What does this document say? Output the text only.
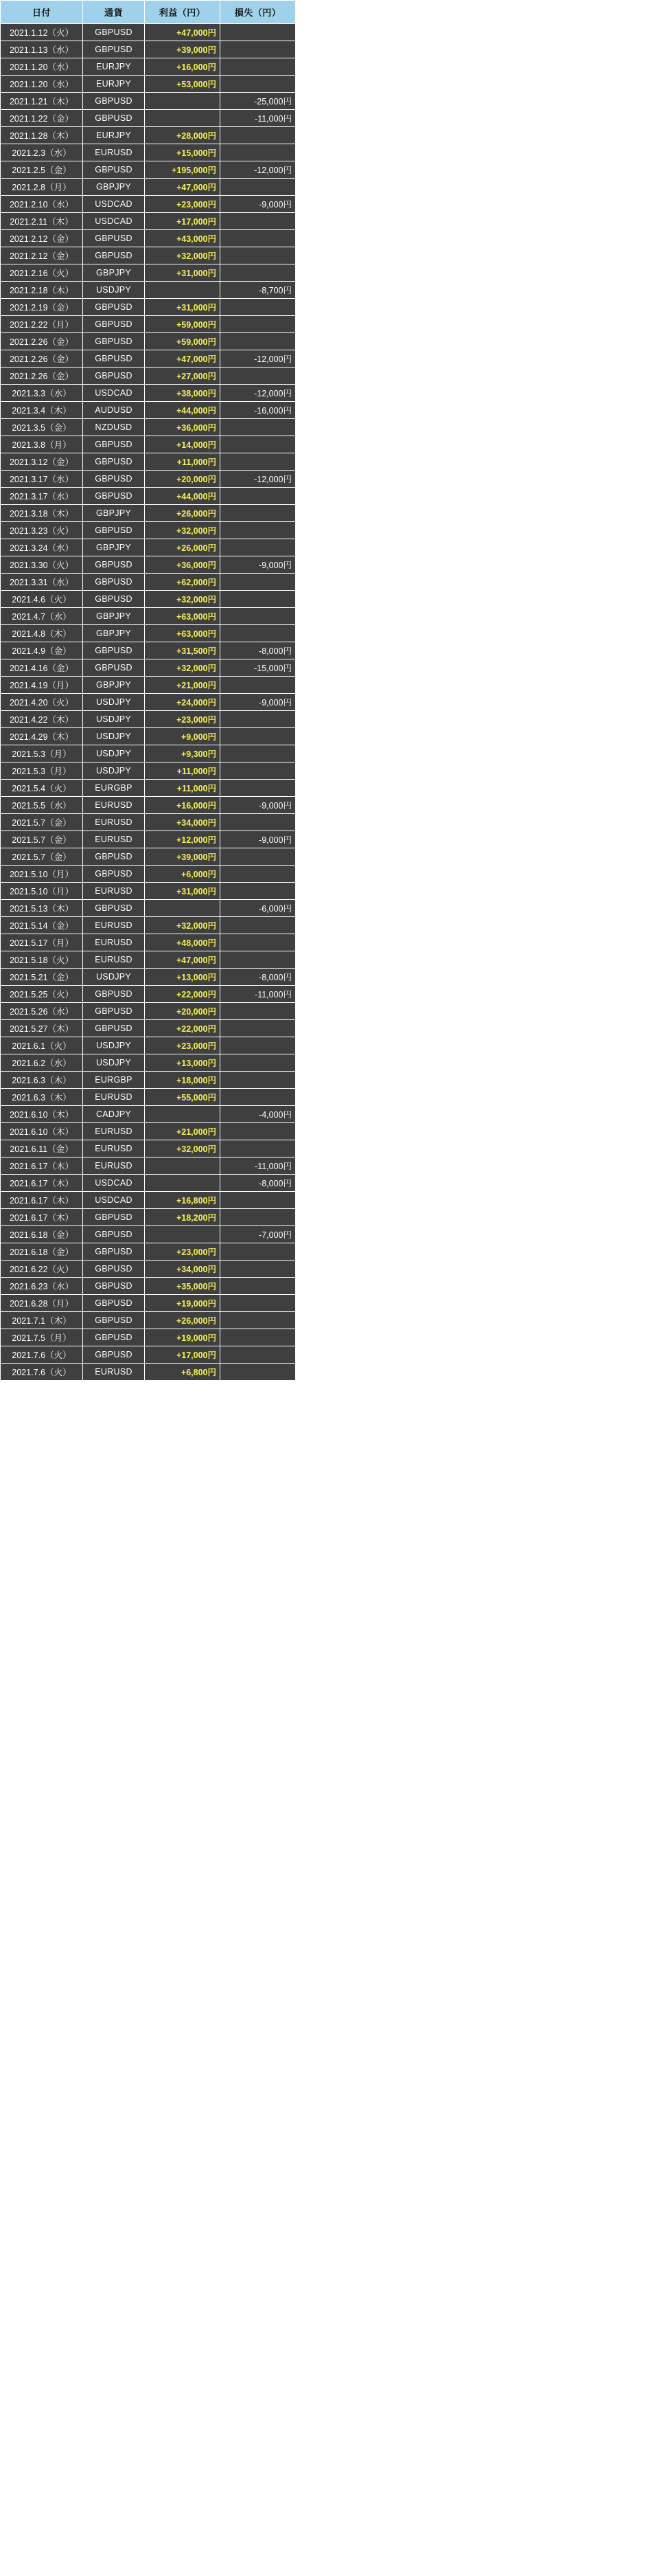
日付	通貨	利益（円）	損失（円）
2021.1.12（火）	GBPUSD	+47,000円	
2021.1.13（水）	GBPUSD	+39,000円	
2021.1.20（水）	EURJPY	+16,000円	
2021.1.20（水）	EURJPY	+53,000円	
2021.1.21（木）	GBPUSD		-25,000円
2021.1.22（金）	GBPUSD		-11,000円
2021.1.28（木）	EURJPY	+28,000円	
2021.2.3（水）	EURUSD	+15,000円	
2021.2.5（金）	GBPUSD	+195,000円	-12,000円
2021.2.8（月）	GBPJPY	+47,000円	
2021.2.10（水）	USDCAD	+23,000円	-9,000円
2021.2.11（木）	USDCAD	+17,000円	
2021.2.12（金）	GBPUSD	+43,000円	
2021.2.12（金）	GBPUSD	+32,000円	
2021.2.16（火）	GBPJPY	+31,000円	
2021.2.18（木）	USDJPY		-8,700円
2021.2.19（金）	GBPUSD	+31,000円	
2021.2.22（月）	GBPUSD	+59,000円	
2021.2.26（金）	GBPUSD	+59,000円	
2021.2.26（金）	GBPUSD	+47,000円	-12,000円
2021.2.26（金）	GBPUSD	+27,000円	
2021.3.3（水）	USDCAD	+38,000円	-12,000円
2021.3.4（木）	AUDUSD	+44,000円	-16,000円
2021.3.5（金）	NZDUSD	+36,000円	
2021.3.8（月）	GBPUSD	+14,000円	
2021.3.12（金）	GBPUSD	+11,000円	
2021.3.17（水）	GBPUSD	+20,000円	-12,000円
2021.3.17（水）	GBPUSD	+44,000円	
2021.3.18（木）	GBPJPY	+26,000円	
2021.3.23（火）	GBPUSD	+32,000円	
2021.3.24（水）	GBPJPY	+26,000円	
2021.3.30（火）	GBPUSD	+36,000円	-9,000円
2021.3.31（水）	GBPUSD	+62,000円	
2021.4.6（火）	GBPUSD	+32,000円	
2021.4.7（水）	GBPJPY	+63,000円	
2021.4.8（木）	GBPJPY	+63,000円	
2021.4.9（金）	GBPUSD	+31,500円	-8,000円
2021.4.16（金）	GBPUSD	+32,000円	-15,000円
2021.4.19（月）	GBPJPY	+21,000円	
2021.4.20（火）	USDJPY	+24,000円	-9,000円
2021.4.22（木）	USDJPY	+23,000円	
2021.4.29（木）	USDJPY	+9,000円	
2021.5.3（月）	USDJPY	+9,300円	
2021.5.3（月）	USDJPY	+11,000円	
2021.5.4（火）	EURGBP	+11,000円	
2021.5.5（水）	EURUSD	+16,000円	-9,000円
2021.5.7（金）	EURUSD	+34,000円	
2021.5.7（金）	EURUSD	+12,000円	-9,000円
2021.5.7（金）	GBPUSD	+39,000円	
2021.5.10（月）	GBPUSD	+6,000円	
2021.5.10（月）	EURUSD	+31,000円	
2021.5.13（木）	GBPUSD		-6,000円
2021.5.14（金）	EURUSD	+32,000円	
2021.5.17（月）	EURUSD	+48,000円	
2021.5.18（火）	EURUSD	+47,000円	
2021.5.21（金）	USDJPY	+13,000円	-8,000円
2021.5.25（火）	GBPUSD	+22,000円	-11,000円
2021.5.26（水）	GBPUSD	+20,000円	
2021.5.27（木）	GBPUSD	+22,000円	
2021.6.1（火）	USDJPY	+23,000円	
2021.6.2（水）	USDJPY	+13,000円	
2021.6.3（木）	EURGBP	+18,000円	
2021.6.3（木）	EURUSD	+55,000円	
2021.6.10（木）	CADJPY		-4,000円
2021.6.10（木）	EURUSD	+21,000円	
2021.6.11（金）	EURUSD	+32,000円	
2021.6.17（木）	EURUSD		-11,000円
2021.6.17（木）	USDCAD		-8,000円
2021.6.17（木）	USDCAD	+16,800円	
2021.6.17（木）	GBPUSD	+18,200円	
2021.6.18（金）	GBPUSD		-7,000円
2021.6.18（金）	GBPUSD	+23,000円	
2021.6.22（火）	GBPUSD	+34,000円	
2021.6.23（水）	GBPUSD	+35,000円	
2021.6.28（月）	GBPUSD	+19,000円	
2021.7.1（木）	GBPUSD	+26,000円	
2021.7.5（月）	GBPUSD	+19,000円	
2021.7.6（火）	GBPUSD	+17,000円	
2021.7.6（火）	EURUSD	+6,800円	
